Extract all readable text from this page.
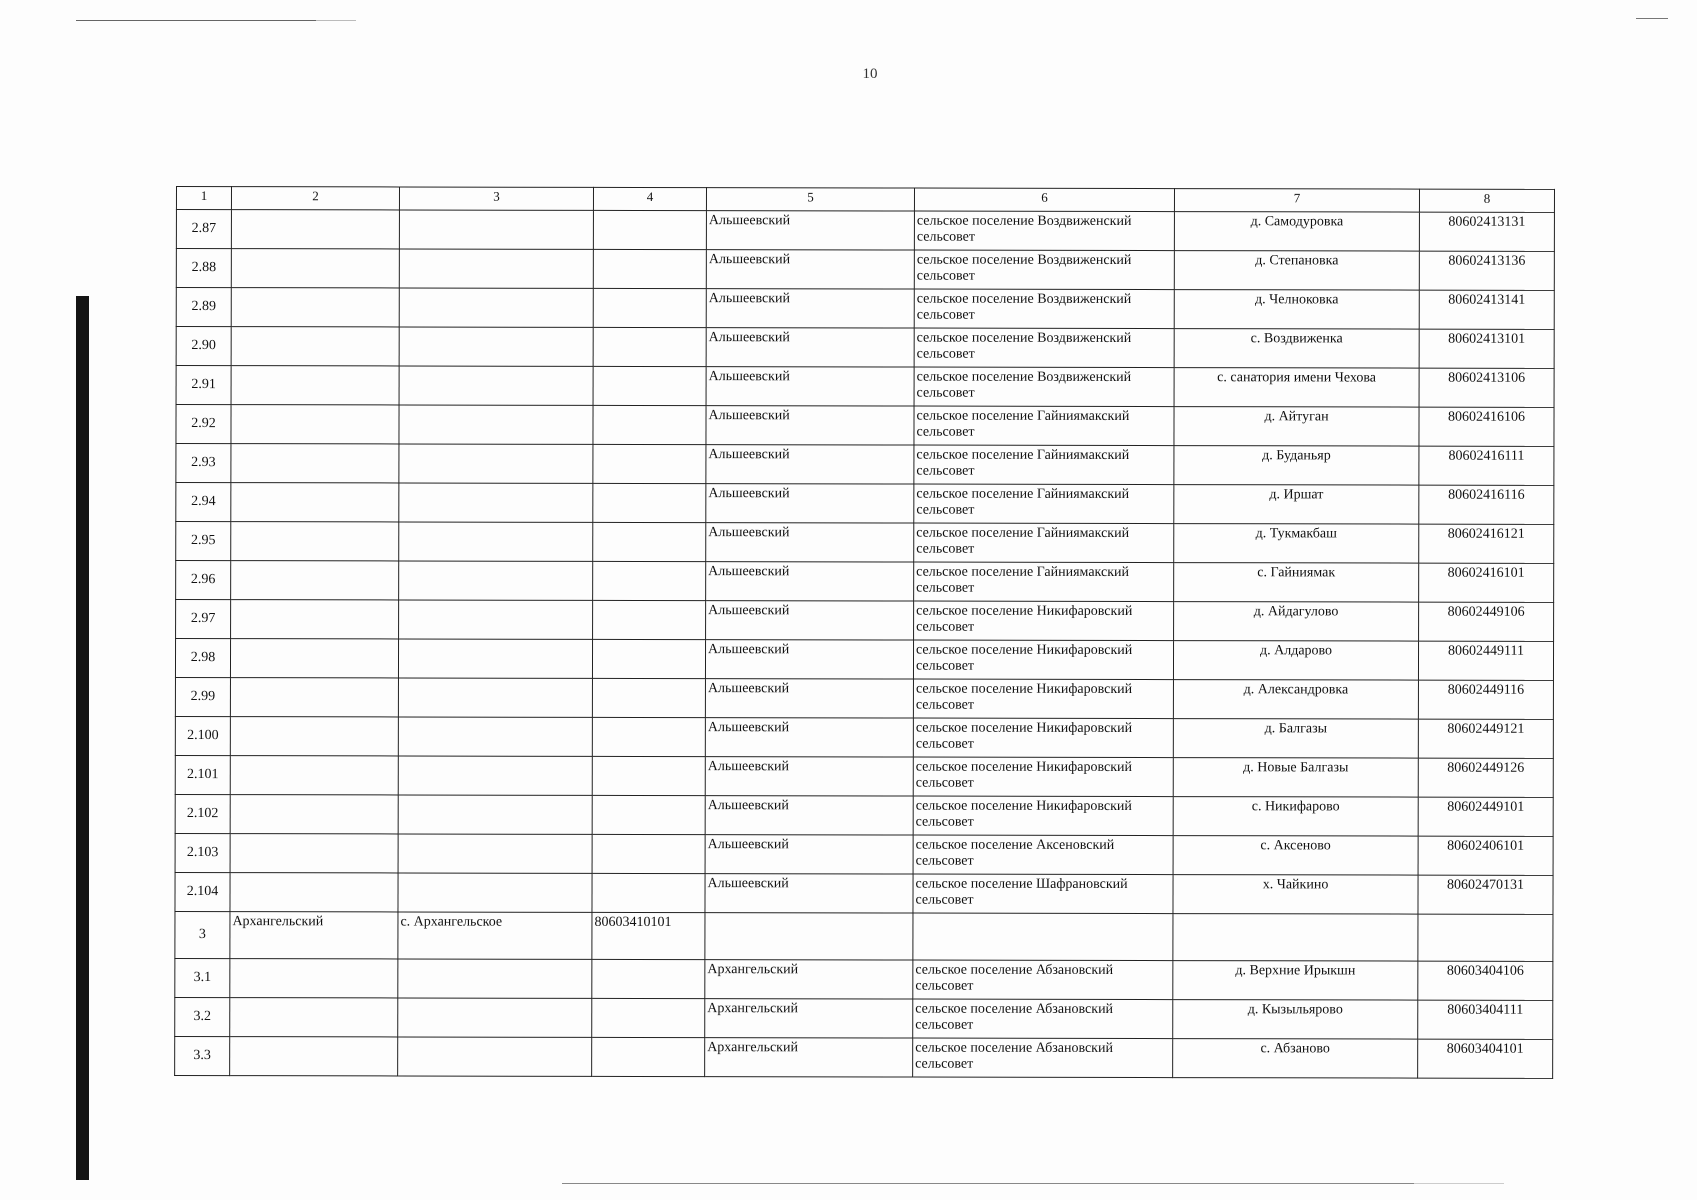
10
1	2	3	4	5	6	7	8
2.87				Альшеевский	сельское поселение Воздвиженский сельсовет	д. Самодуровка	80602413131
2.88				Альшеевский	сельское поселение Воздвиженский сельсовет	д. Степановка	80602413136
2.89				Альшеевский	сельское поселение Воздвиженский сельсовет	д. Челноковка	80602413141
2.90				Альшеевский	сельское поселение Воздвиженский сельсовет	с. Воздвиженка	80602413101
2.91				Альшеевский	сельское поселение Воздвиженский сельсовет	с. санатория имени Чехова	80602413106
2.92				Альшеевский	сельское поселение Гайниямакский сельсовет	д. Айтуган	80602416106
2.93				Альшеевский	сельское поселение Гайниямакский сельсовет	д. Буданьяр	80602416111
2.94				Альшеевский	сельское поселение Гайниямакский сельсовет	д. Иршат	80602416116
2.95				Альшеевский	сельское поселение Гайниямакский сельсовет	д. Тукмакбаш	80602416121
2.96				Альшеевский	сельское поселение Гайниямакский сельсовет	с. Гайниямак	80602416101
2.97				Альшеевский	сельское поселение Никифаровский сельсовет	д. Айдагулово	80602449106
2.98				Альшеевский	сельское поселение Никифаровский сельсовет	д. Алдарово	80602449111
2.99				Альшеевский	сельское поселение Никифаровский сельсовет	д. Александровка	80602449116
2.100				Альшеевский	сельское поселение Никифаровский сельсовет	д. Балгазы	80602449121
2.101				Альшеевский	сельское поселение Никифаровский сельсовет	д. Новые Балгазы	80602449126
2.102				Альшеевский	сельское поселение Никифаровский сельсовет	с. Никифарово	80602449101
2.103				Альшеевский	сельское поселение Аксеновский сельсовет	с. Аксеново	80602406101
2.104				Альшеевский	сельское поселение Шафрановский сельсовет	х. Чайкино	80602470131
3	Архангельский	с. Архангельское	80603410101				
3.1				Архангельский	сельское поселение Абзановский сельсовет	д. Верхние Ирыкшн	80603404106
3.2				Архангельский	сельское поселение Абзановский сельсовет	д. Кызыльярово	80603404111
3.3				Архангельский	сельское поселение Абзановский сельсовет	с. Абзаново	80603404101
